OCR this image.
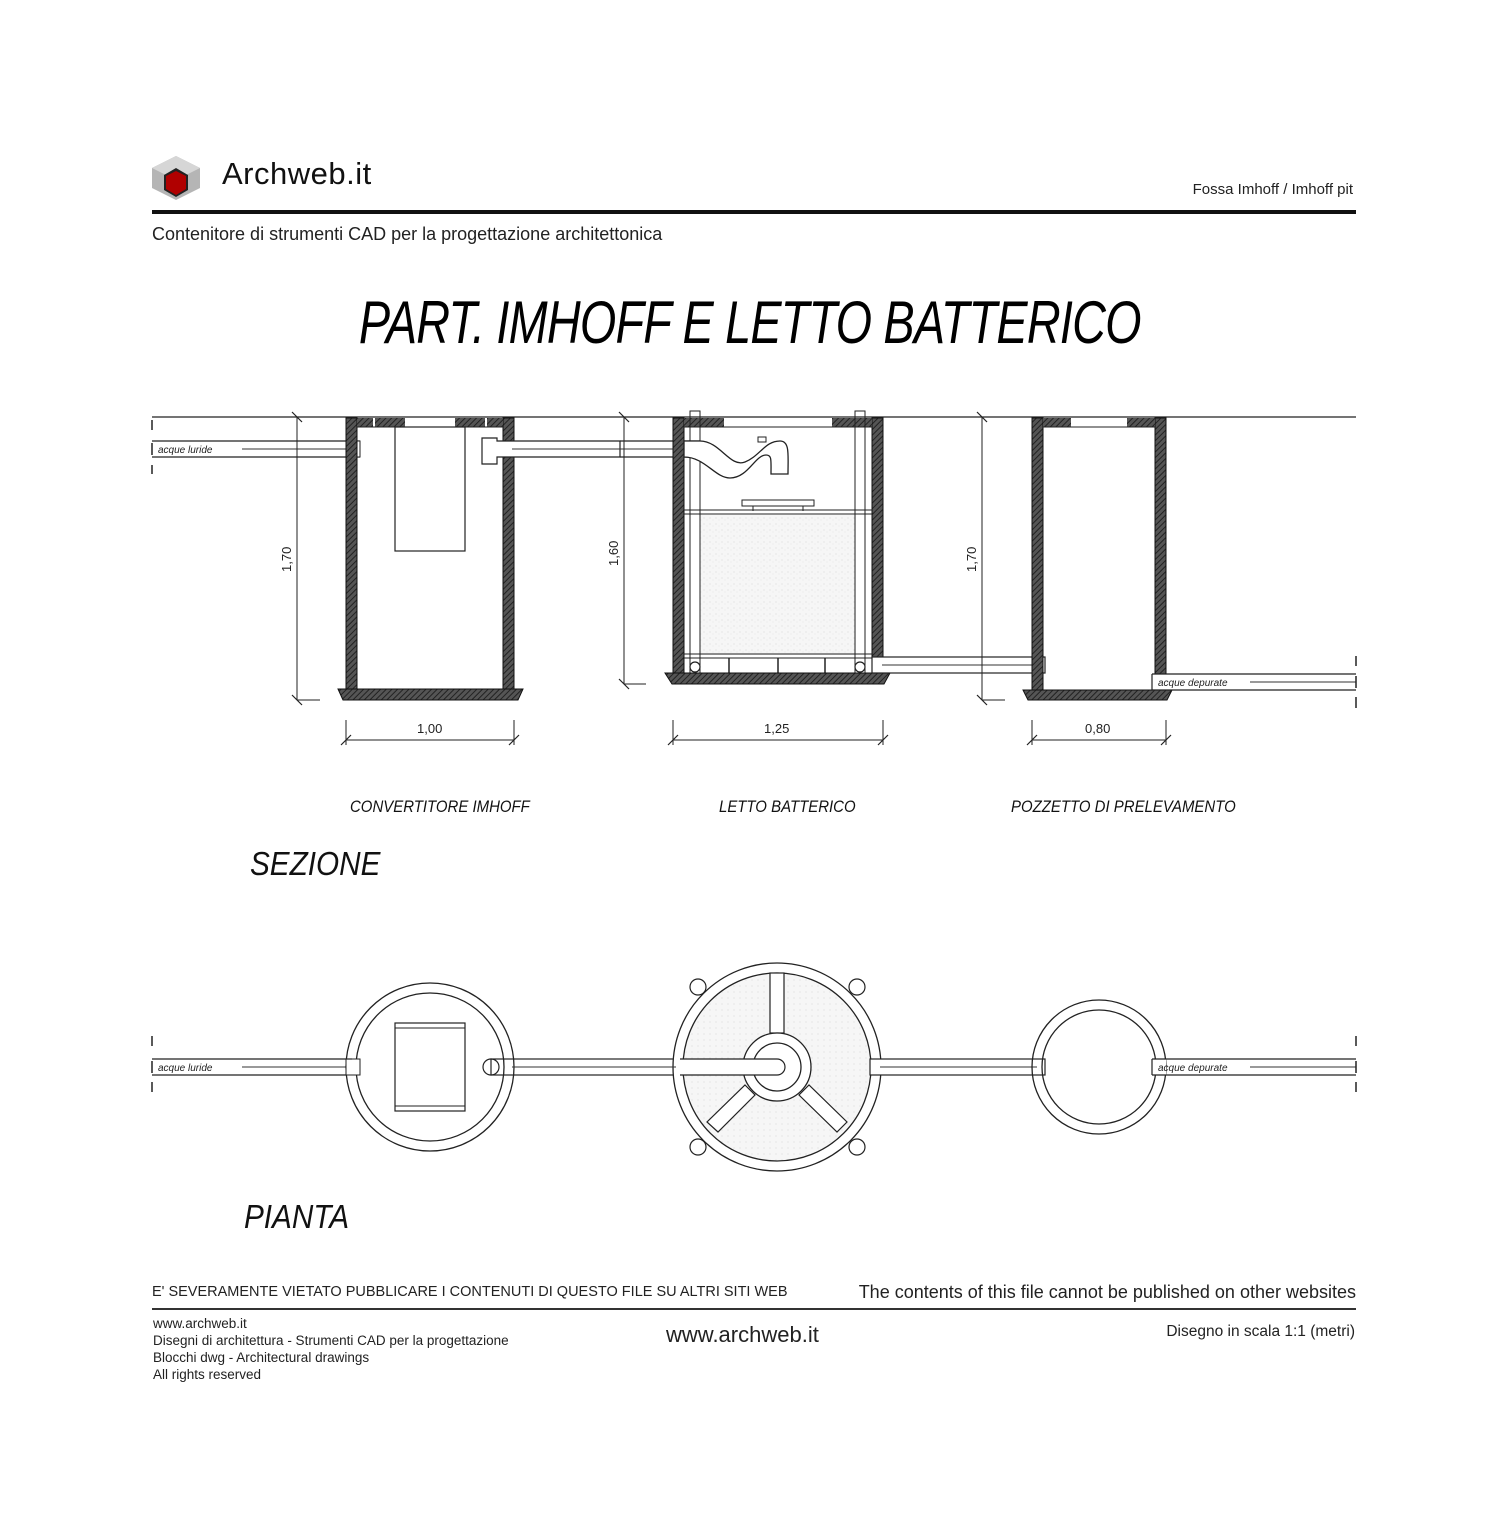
Archweb.it	Fossa Imhoff / Imhoff pit
Contenitore di strumenti CAD per la progettazione architettonica
PART. IMHOFF E LETTO BATTERICO
acque luride
1,70
1,00
1,60
1,25
acque depurate
1,70
0,80
CONVERTITORE IMHOFF	LETTO BATTERICO	POZZETTO DI PRELEVAMENTO
SEZIONE
acque luride	acque depurate
PIANTA
E' SEVERAMENTE VIETATO PUBBLICARE I CONTENUTI DI QUESTO FILE SU ALTRI SITI WEB	The contents of this file cannot be published on other websites
www.archweb.it
Disegni di architettura - Strumenti CAD per la progettazione
Blocchi dwg - Architectural drawings
All rights reserved
www.archweb.it	Disegno in scala 1:1 (metri)
